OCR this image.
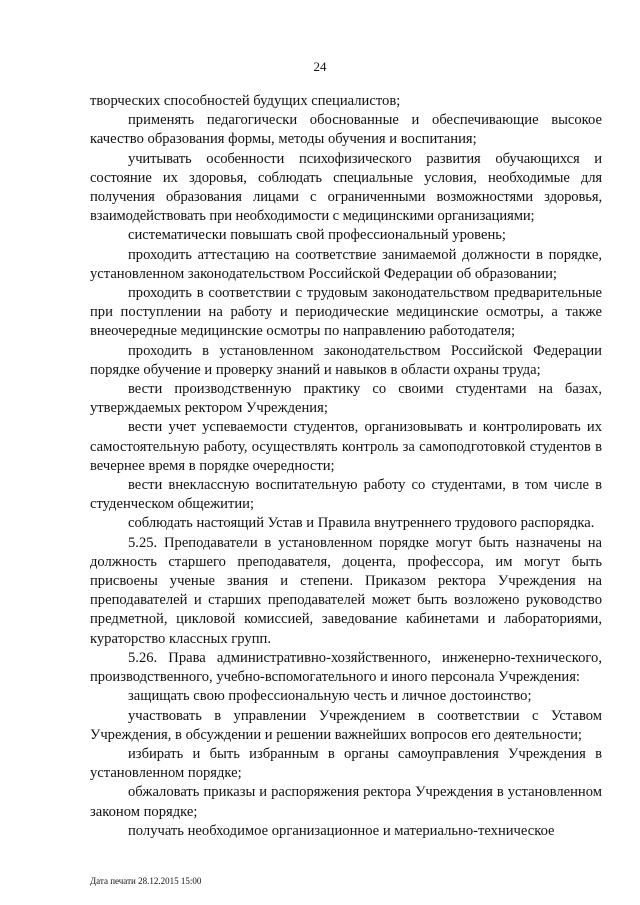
24

творческих способностей будущих специалистов;

применять педагогически обоснованные и обеспечивающие высокое качество образования формы, методы обучения и воспитания;

учитывать особенности психофизического развития обучающихся и состояние их здоровья, соблюдать специальные условия, необходимые для получения образования лицами с ограниченными возможностями здоровья, взаимодействовать при необходимости с медицинскими организациями;

систематически повышать свой профессиональный уровень;

проходить аттестацию на соответствие занимаемой должности в порядке, установленном законодательством Российской Федерации об образовании;

проходить в соответствии с трудовым законодательством предварительные при поступлении на работу и периодические медицинские осмотры, а также внеочередные медицинские осмотры по направлению работодателя;

проходить в установленном законодательством Российской Федерации порядке обучение и проверку знаний и навыков в области охраны труда;

вести производственную практику со своими студентами на базах, утверждаемых ректором Учреждения;

вести учет успеваемости студентов, организовывать и контролировать их самостоятельную работу, осуществлять контроль за самоподготовкой студентов в вечернее время в порядке очередности;

вести внеклассную воспитательную работу со студентами, в том числе в студенческом общежитии;

соблюдать настоящий Устав и Правила внутреннего трудового распорядка.

5.25. Преподаватели в установленном порядке могут быть назначены на должность старшего преподавателя, доцента, профессора, им могут быть присвоены ученые звания и степени. Приказом ректора Учреждения на преподавателей и старших преподавателей может быть возложено руководство предметной, цикловой комиссией, заведование кабинетами и лабораториями, кураторство классных групп.

5.26. Права административно-хозяйственного, инженерно-технического, производственного, учебно-вспомогательного и иного персонала Учреждения:

защищать свою профессиональную честь и личное достоинство;

участвовать в управлении Учреждением в соответствии с Уставом Учреждения, в обсуждении и решении важнейших вопросов его деятельности;

избирать и быть избранным в органы самоуправления Учреждения в установленном порядке;

обжаловать приказы и распоряжения ректора Учреждения в установленном законом порядке;

получать необходимое организационное и материально-техническое

Дата печати 28.12.2015 15:00
